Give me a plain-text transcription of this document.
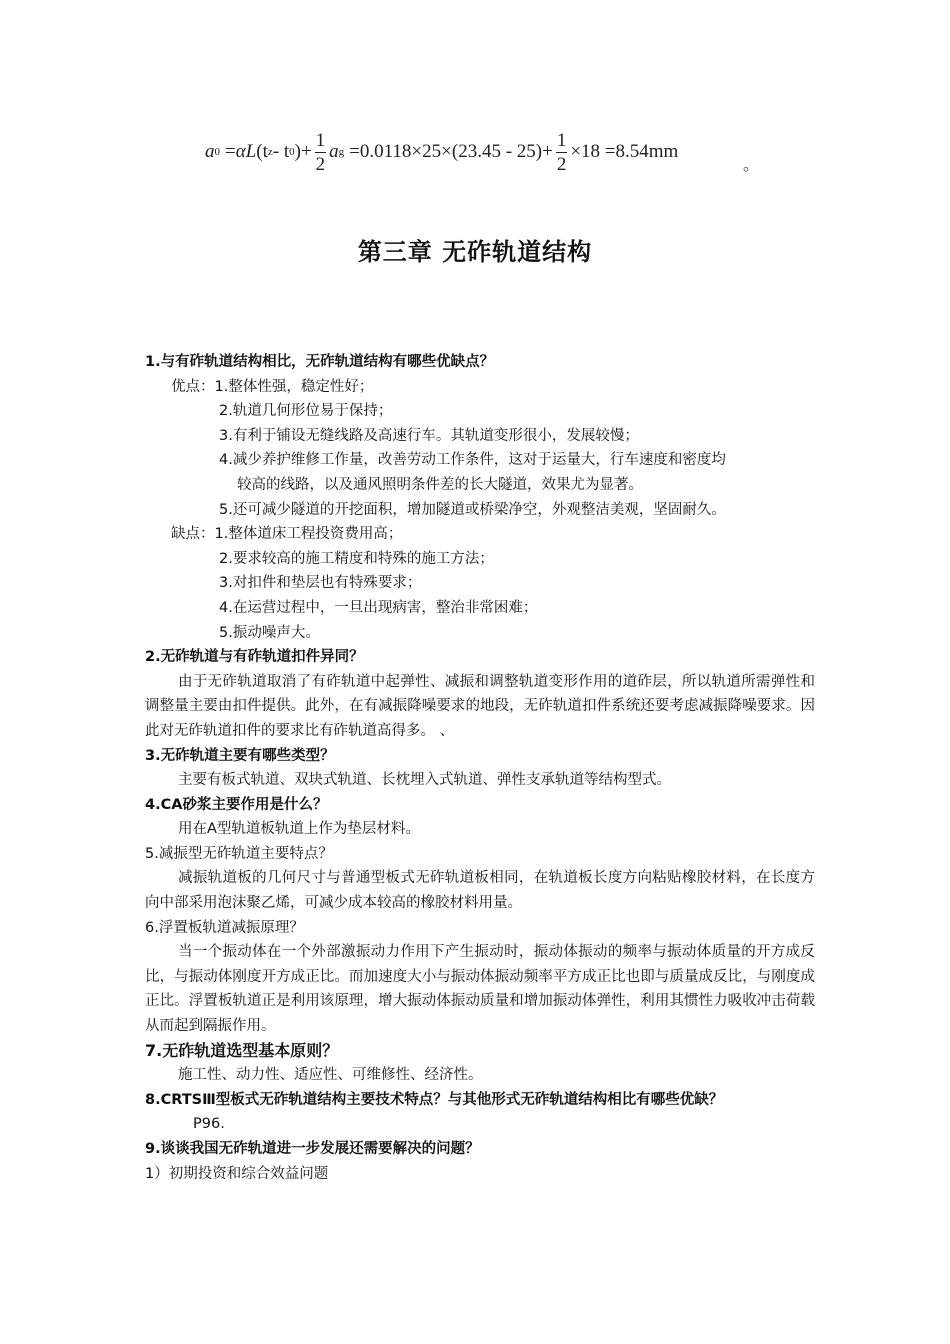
a 0 = αL (t z - t 0 )+ $\frac{1}{2}$ a $g =0.0118\times 25\times(23.45 - 25)+ \frac{1}{2} \times 18 =8.54mm$
。
第三章 无砟轨道结构
1.与有砟轨道结构相比，无砟轨道结构有哪些优缺点？
优点：1.整体性强，稳定性好；
2.轨道几何形位易于保持；
3.有利于铺设无缝线路及高速行车。其轨道变形很小，发展较慢；
4.减少养护维修工作量，改善劳动工作条件，这对于运量大，行车速度和密度均
较高的线路，以及通风照明条件差的长大隧道，效果尤为显著。
5.还可减少隧道的开挖面积，增加隧道或桥梁净空，外观整洁美观，坚固耐久。
缺点：1.整体道床工程投资费用高；
2.要求较高的施工精度和特殊的施工方法；
3.对扣件和垫层也有特殊要求；
4.在运营过程中，一旦出现病害，整治非常困难；
5.振动噪声大。
2.无砟轨道与有砟轨道扣件异同？
由于无砟轨道取消了有砟轨道中起弹性、减振和调整轨道变形作用的道砟层，所以轨道所需弹性和调整量主要由扣件提供。此外，在有减振降噪要求的地段，无砟轨道扣件系统还要考虑减振降噪要求。因此对无砟轨道扣件的要求比有砟轨道高得多。 、
3.无砟轨道主要有哪些类型？
主要有板式轨道、双块式轨道、长枕埋入式轨道、弹性支承轨道等结构型式。
4.CA砂浆主要作用是什么？
用在A型轨道板轨道上作为垫层材料。
5.减振型无砟轨道主要特点？
减振轨道板的几何尺寸与普通型板式无砟轨道板相同，在轨道板长度方向粘贴橡胶材料，在长度方向中部采用泡沫聚乙烯，可减少成本较高的橡胶材料用量。
6.浮置板轨道减振原理？
当一个振动体在一个外部激振动力作用下产生振动时，振动体振动的频率与振动体质量的开方成反比，与振动体刚度开方成正比。而加速度大小与振动体振动频率平方成正比也即与质量成反比，与刚度成正比。浮置板轨道正是利用该原理，增大振动体振动质量和增加振动体弹性，利用其惯性力吸收冲击荷载从而起到隔振作用。
7.无砟轨道选型基本原则？
施工性、动力性、适应性、可维修性、经济性。
8.CRTSⅢ型板式无砟轨道结构主要技术特点？与其他形式无砟轨道结构相比有哪些优缺？
P96.
9.谈谈我国无砟轨道进一步发展还需要解决的问题？
1）初期投资和综合效益问题
